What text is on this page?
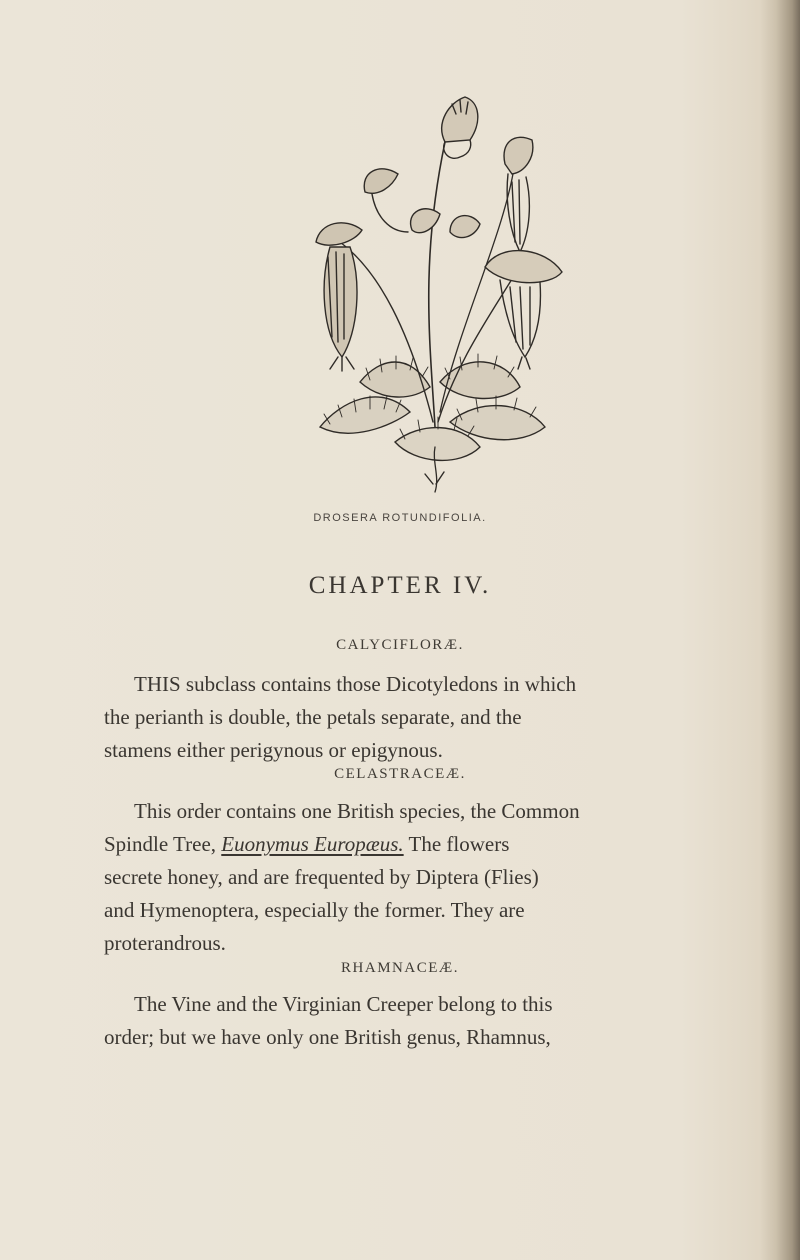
DROSERA ROTUNDIFOLIA.
CHAPTER IV.
CALYCIFLORÆ.
THIS subclass contains those Dicotyledons in which
the perianth is double, the petals separate, and the
stamens either perigynous or epigynous.
CELASTRACEÆ.
This order contains one British species, the Common
Spindle Tree, Euonymus Europæus. The flowers
secrete honey, and are frequented by Diptera (Flies)
and Hymenoptera, especially the former. They are
proterandrous.
RHAMNACEÆ.
The Vine and the Virginian Creeper belong to this
order; but we have only one British genus, Rhamnus,
